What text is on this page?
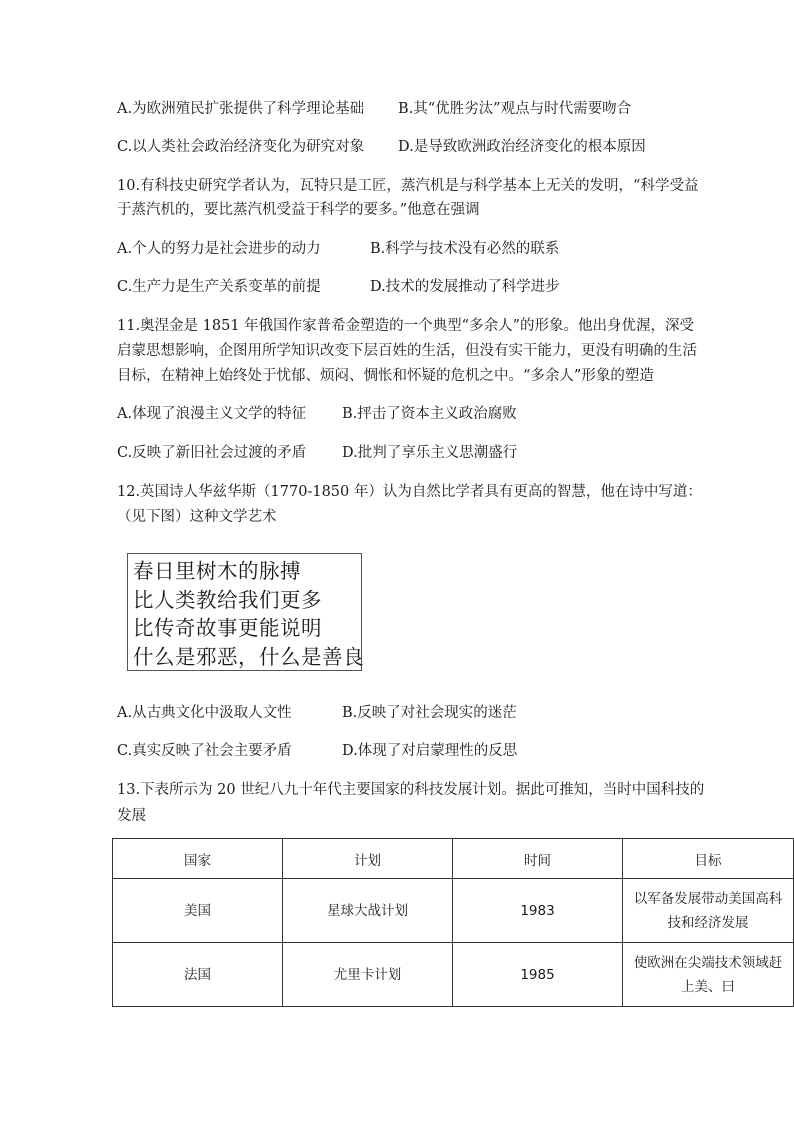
A.为欧洲殖民扩张提供了科学理论基础 B.其“优胜劣汰”观点与时代需要吻合
C.以人类社会政治经济变化为研究对象 D.是导致欧洲政治经济变化的根本原因
10.有科技史研究学者认为，瓦特只是工匠，蒸汽机是与科学基本上无关的发明，“科学受益
于蒸汽机的，要比蒸汽机受益于科学的要多。”他意在强调
A.个人的努力是社会进步的动力	B.科学与技术没有必然的联系
C.生产力是生产关系变革的前提	D.技术的发展推动了科学进步
11.奥涅金是 1851 年俄国作家普希金塑造的一个典型“多余人”的形象。他出身优渥，深受
启蒙思想影响，企图用所学知识改变下层百姓的生活，但没有实干能力，更没有明确的生活
目标，在精神上始终处于忧郁、烦闷、惆怅和怀疑的危机之中。“多余人”形象的塑造
A.体现了浪漫主义文学的特征 B.抨击了资本主义政治腐败
C.反映了新旧社会过渡的矛盾 D.批判了享乐主义思潮盛行
12.英国诗人华兹华斯（1770-1850 年）认为自然比学者具有更高的智慧，他在诗中写道：
（见下图）这种文学艺术
春日里树木的脉搏
比人类教给我们更多
比传奇故事更能说明
什么是邪恶，什么是善良
A.从古典文化中汲取人文性	B.反映了对社会现实的迷茫
C.真实反映了社会主要矛盾	D.体现了对启蒙理性的反思
13.下表所示为 20 世纪八九十年代主要国家的科技发展计划。据此可推知，当时中国科技的
发展
国家	计划	时间	目标
美国	星球大战计划	1983	以军备发展带动美国高科
技和经济发展

法国	尤里卡计划	1985	使欧洲在尖端技术领域赶
上美、曰
